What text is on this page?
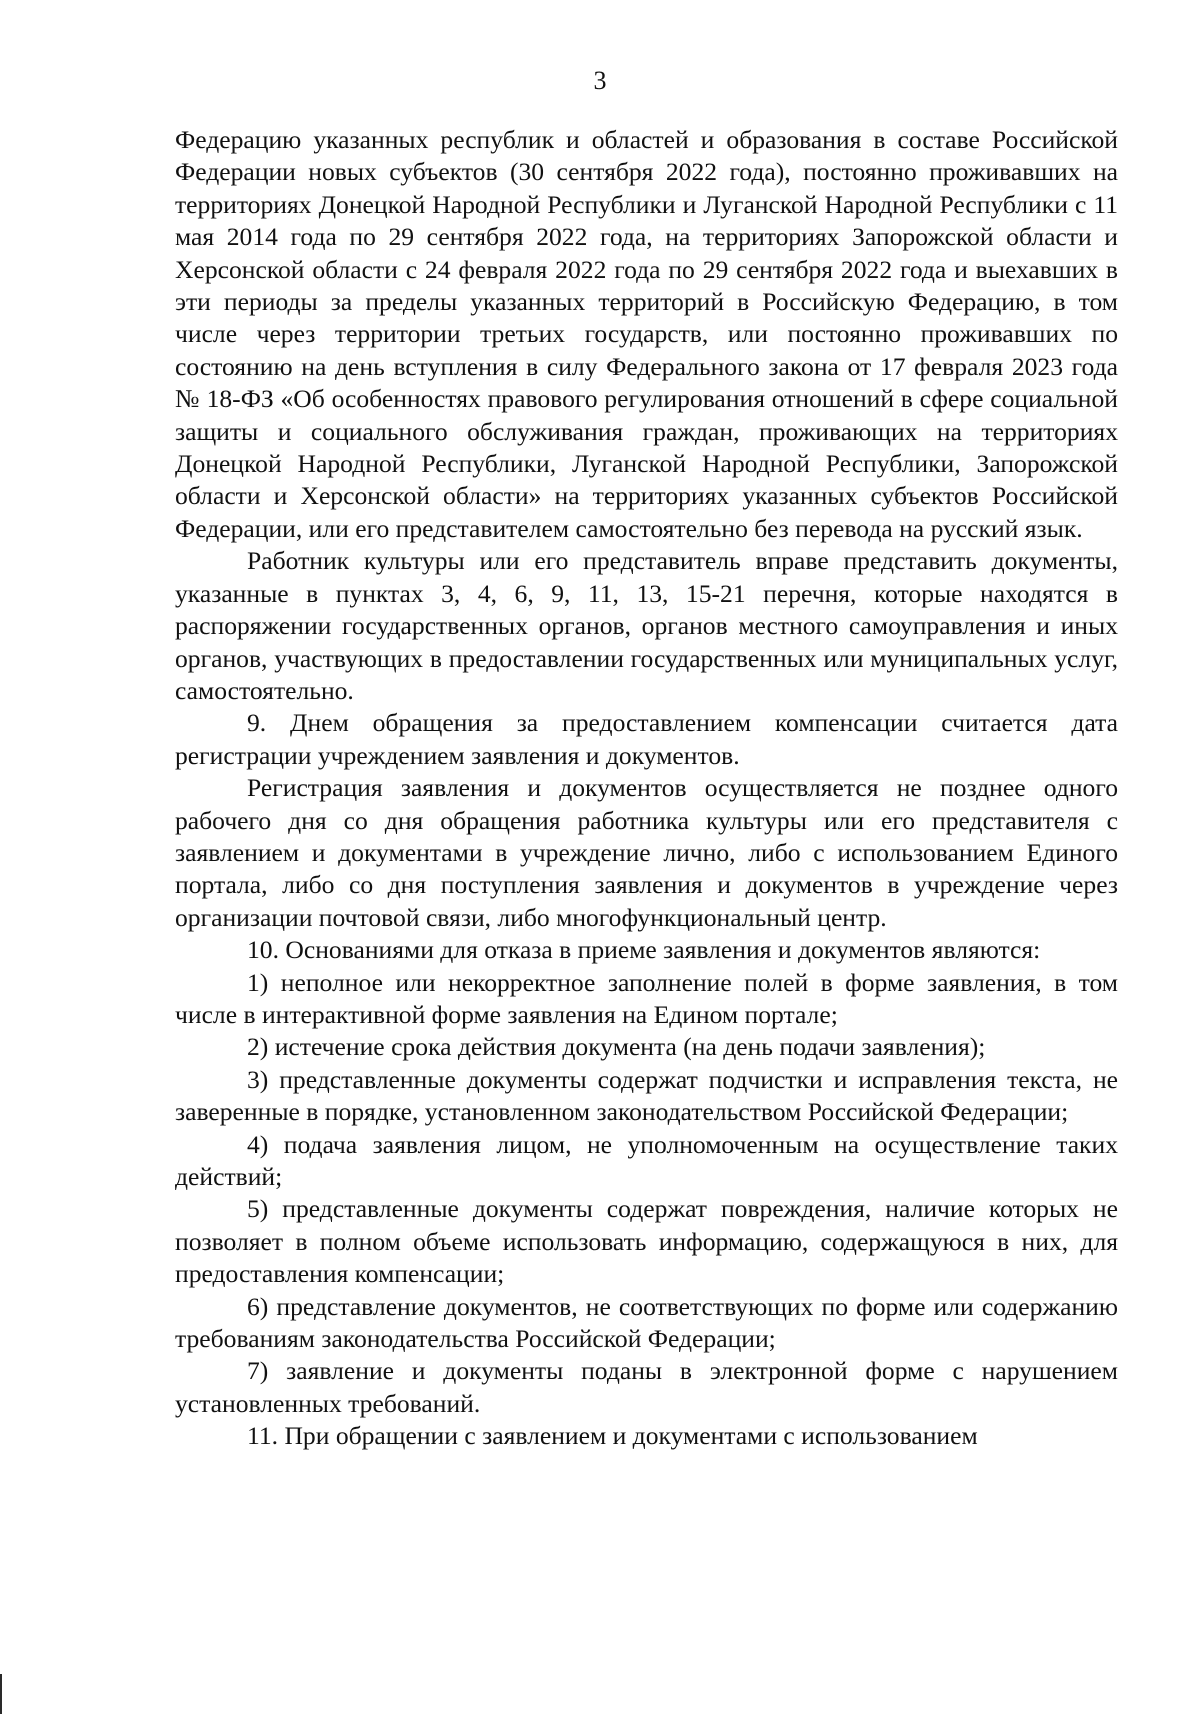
3

Федерацию указанных республик и областей и образования в составе Российской Федерации новых субъектов (30 сентября 2022 года), постоянно проживавших на территориях Донецкой Народной Республики и Луганской Народной Республики с 11 мая 2014 года по 29 сентября 2022 года, на территориях Запорожской области и Херсонской области с 24 февраля 2022 года по 29 сентября 2022 года и выехавших в эти периоды за пределы указанных территорий в Российскую Федерацию, в том числе через территории третьих государств, или постоянно проживавших по состоянию на день вступления в силу Федерального закона от 17 февраля 2023 года № 18-ФЗ «Об особенностях правового регулирования отношений в сфере социальной защиты и социального обслуживания граждан, проживающих на территориях Донецкой Народной Республики, Луганской Народной Республики, Запорожской области и Херсонской области» на территориях указанных субъектов Российской Федерации, или его представителем самостоятельно без перевода на русский язык.

Работник культуры или его представитель вправе представить документы, указанные в пунктах 3, 4, 6, 9, 11, 13, 15-21 перечня, которые находятся в распоряжении государственных органов, органов местного самоуправления и иных органов, участвующих в предоставлении государственных или муниципальных услуг, самостоятельно.

9. Днем обращения за предоставлением компенсации считается дата регистрации учреждением заявления и документов.

Регистрация заявления и документов осуществляется не позднее одного рабочего дня со дня обращения работника культуры или его представителя с заявлением и документами в учреждение лично, либо с использованием Единого портала, либо со дня поступления заявления и документов в учреждение через организации почтовой связи, либо многофункциональный центр.

10. Основаниями для отказа в приеме заявления и документов являются:

1) неполное или некорректное заполнение полей в форме заявления, в том числе в интерактивной форме заявления на Едином портале;

2) истечение срока действия документа (на день подачи заявления);

3) представленные документы содержат подчистки и исправления текста, не заверенные в порядке, установленном законодательством Российской Федерации;

4) подача заявления лицом, не уполномоченным на осуществление таких действий;

5) представленные документы содержат повреждения, наличие которых не позволяет в полном объеме использовать информацию, содержащуюся в них, для предоставления компенсации;

6) представление документов, не соответствующих по форме или содержанию требованиям законодательства Российской Федерации;

7) заявление и документы поданы в электронной форме с нарушением установленных требований.

11. При обращении с заявлением и документами с использованием
